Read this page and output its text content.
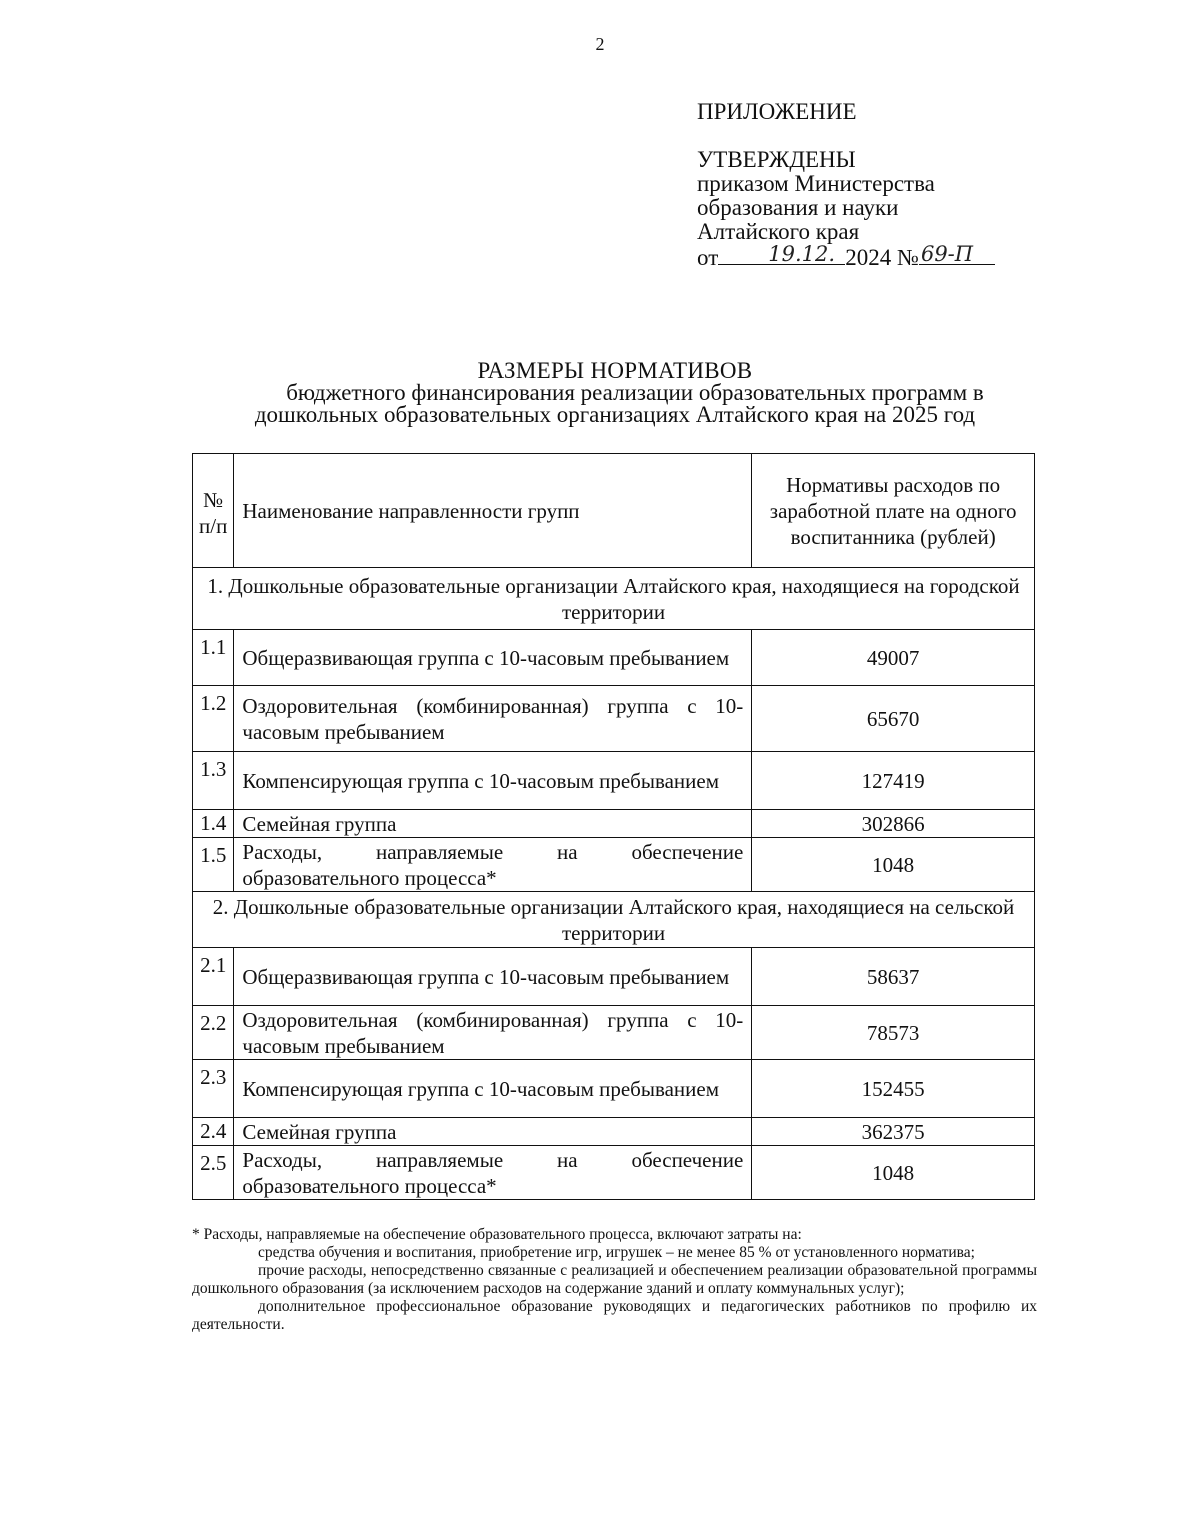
2
ПРИЛОЖЕНИЕ
УТВЕРЖДЕНЫ
приказом Министерства
образования и науки
Алтайского края
от 19.12. 2024 № 69-П
РАЗМЕРЫ НОРМАТИВОВ
бюджетного финансирования реализации образовательных программ в
дошкольных образовательных организациях Алтайского края на 2025 год
№ п/п	Наименование направленности групп	Нормативы расходов по заработной плате на одного воспитанника (рублей)
1. Дошкольные образовательные организации Алтайского края, находящиеся на городской территории		
1.1	Общеразвивающая группа с 10-часовым пребыванием	49007
1.2	Оздоровительная (комбинированная) группа с 10-часовым пребыванием	65670
1.3	Компенсирующая группа с 10-часовым пребыванием	127419
1.4	Семейная группа	302866
1.5	Расходы, направляемые на обеспечение образовательного процесса*	1048
2. Дошкольные образовательные организации Алтайского края, находящиеся на сельской территории		
2.1	Общеразвивающая группа с 10-часовым пребыванием	58637
2.2	Оздоровительная (комбинированная) группа с 10-часовым пребыванием	78573
2.3	Компенсирующая группа с 10-часовым пребыванием	152455
2.4	Семейная группа	362375
2.5	Расходы, направляемые на обеспечение образовательного процесса*	1048

* Расходы, направляемые на обеспечение образовательного процесса, включают затраты на:

средства обучения и воспитания, приобретение игр, игрушек – не менее 85 % от установленного норматива;

прочие расходы, непосредственно связанные с реализацией и обеспечением реализации образовательной программы дошкольного образования (за исключением расходов на содержание зданий и оплату коммунальных услуг);

дополнительное профессиональное образование руководящих и педагогических работников по профилю их деятельности.
